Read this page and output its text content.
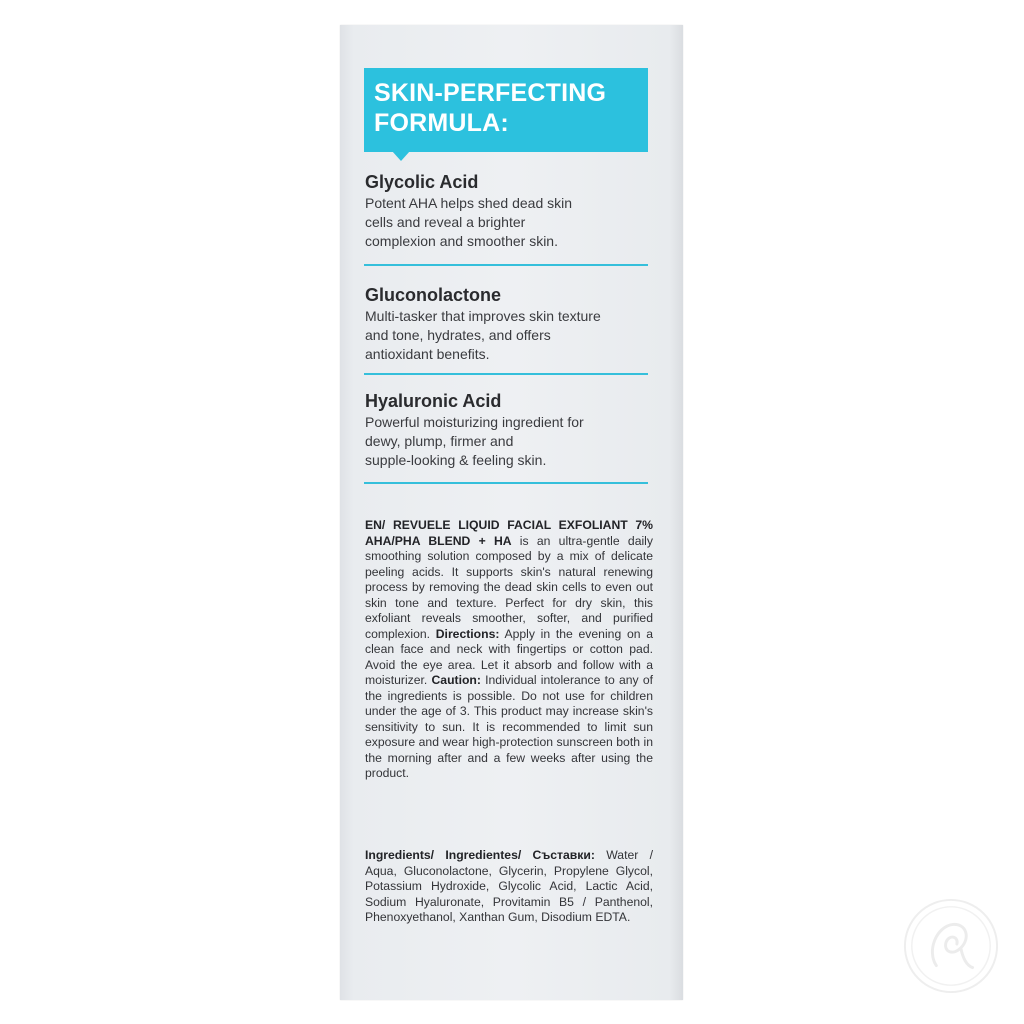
SKIN-PERFECTING
FORMULA:

Glycolic Acid

Potent AHA helps shed dead skin
cells and reveal a brighter
complexion and smoother skin.

Gluconolactone

Multi-tasker that improves skin texture
and tone, hydrates, and offers
antioxidant benefits.

Hyaluronic Acid

Powerful moisturizing ingredient for
dewy, plump, firmer and
supple-looking & feeling skin.

EN/ REVUELE LIQUID FACIAL EXFOLIANT 7% AHA/PHA BLEND + HA is an ultra-gentle daily smoothing solution composed by a mix of delicate peeling acids. It supports skin's natural renewing process by removing the dead skin cells to even out skin tone and texture. Perfect for dry skin, this exfoliant reveals smoother, softer, and purified complexion. Directions: Apply in the evening on a clean face and neck with fingertips or cotton pad. Avoid the eye area. Let it absorb and follow with a moisturizer. Caution: Individual intolerance to any of the ingredients is possible. Do not use for children under the age of 3. This product may increase skin's sensitivity to sun. It is recommended to limit sun exposure and wear high-protection sunscreen both in the morning after and a few weeks after using the product.

Ingredients/ Ingredientes/ Съставки: Water / Aqua, Gluconolactone, Glycerin, Propylene Glycol, Potassium Hydroxide, Glycolic Acid, Lactic Acid, Sodium Hyaluronate, Provitamin B5 / Panthenol, Phenoxyethanol, Xanthan Gum, Disodium EDTA.
